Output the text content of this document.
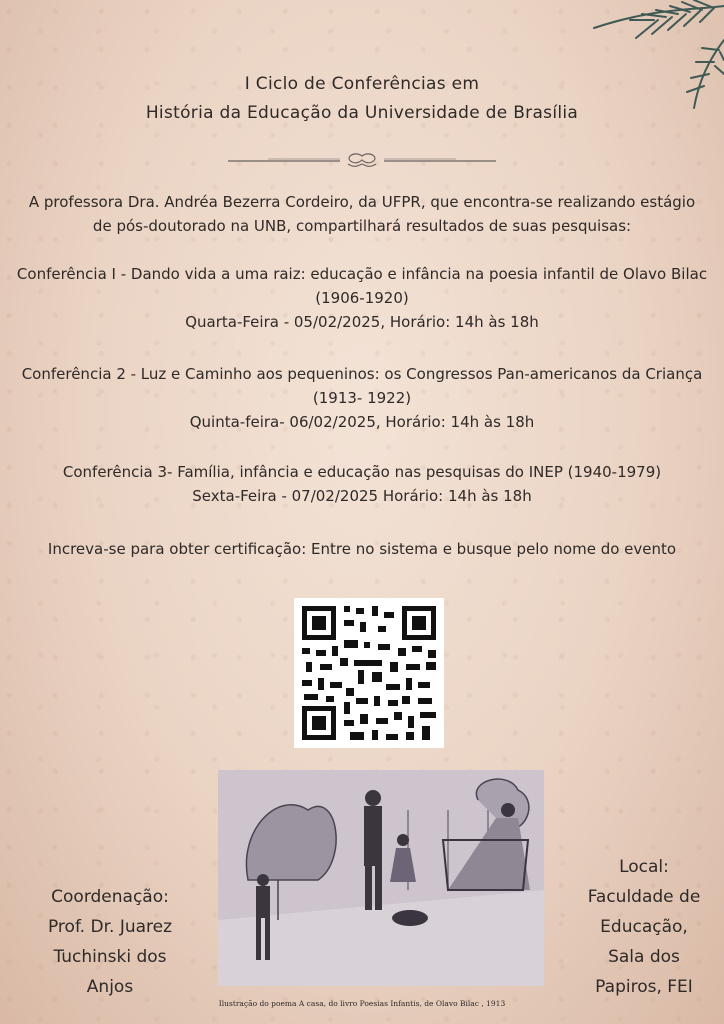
I Ciclo de Conferências em
História da Educação da Universidade de Brasília
A professora Dra. Andréa Bezerra Cordeiro, da UFPR, que encontra-se realizando estágio
de pós-doutorado na UNB, compartilhará resultados de suas pesquisas:
Conferência I - Dando vida a uma raiz: educação e infância na poesia infantil de Olavo Bilac
(1906-1920)
Quarta-Feira - 05/02/2025, Horário: 14h às 18h
Conferência 2 - Luz e Caminho aos pequeninos: os Congressos Pan-americanos da Criança
(1913- 1922)
Quinta-feira- 06/02/2025, Horário: 14h às 18h
Conferência 3- Família, infância e educação nas pesquisas do INEP (1940-1979)
Sexta-Feira - 07/02/2025 Horário: 14h às 18h
Increva-se para obter certificação: Entre no sistema e busque pelo nome do evento
Ilustração do poema A casa, do livro Poesias Infantis, de Olavo Bilac , 1913
Coordenação:
Prof. Dr. Juarez
Tuchinski dos
Anjos
Local:
Faculdade de
Educação,
Sala dos
Papiros, FEI
